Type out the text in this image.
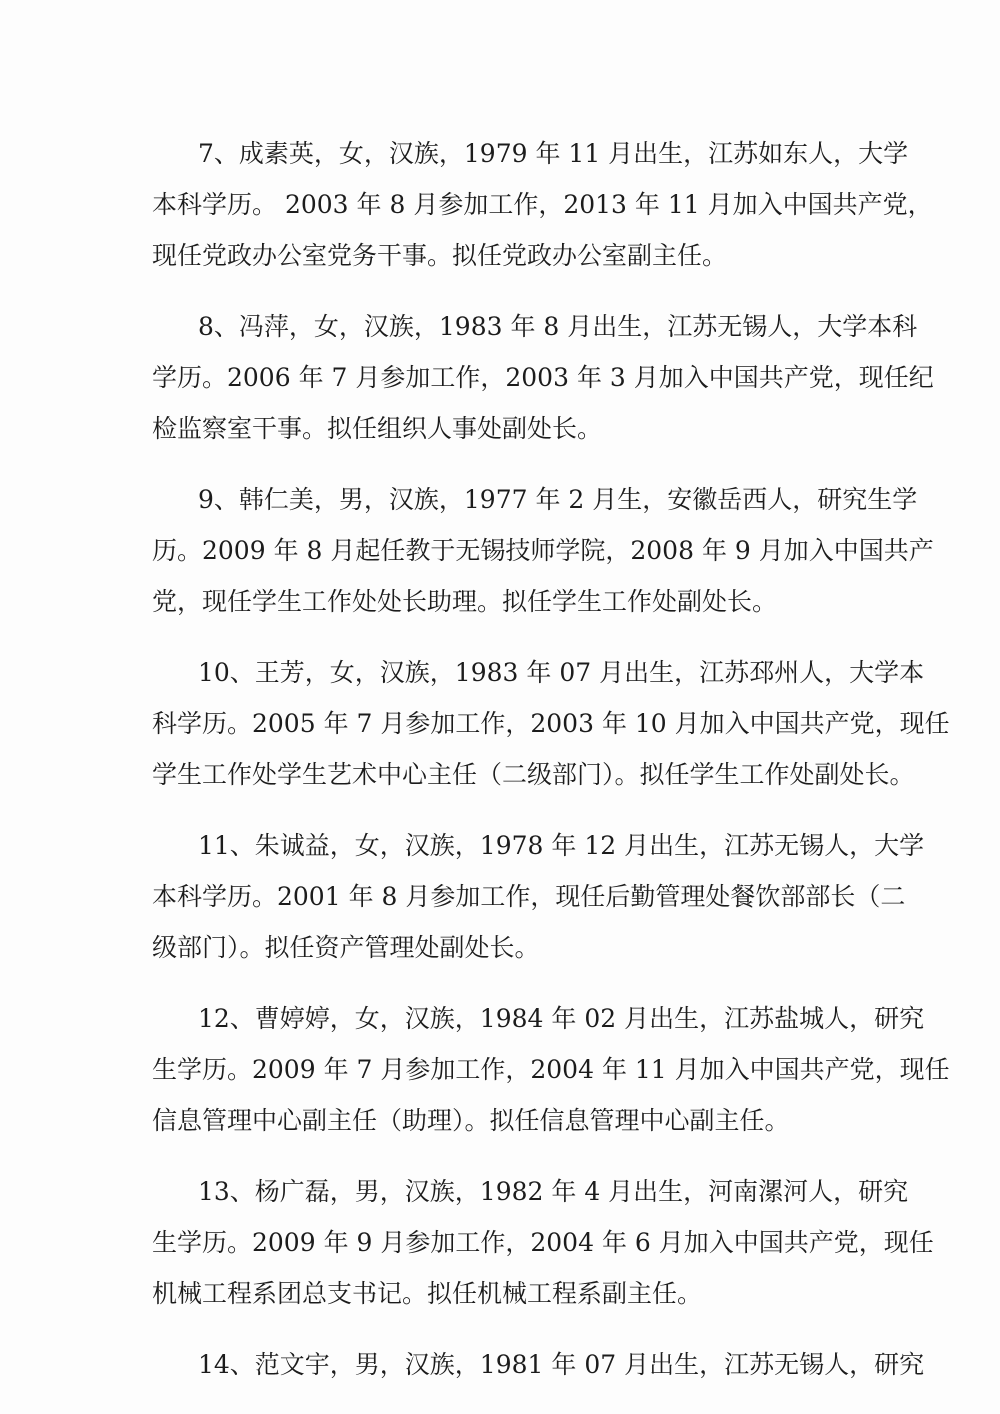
7、成素英，女，汉族，1979 年 11 月出生，江苏如东人，大学
本科学历。 2003 年 8 月参加工作，2013 年 11 月加入中国共产党，
现任党政办公室党务干事。拟任党政办公室副主任。
8、冯萍，女，汉族，1983 年 8 月出生，江苏无锡人，大学本科
学历。2006 年 7 月参加工作，2003 年 3 月加入中国共产党，现任纪
检监察室干事。拟任组织人事处副处长。
9、韩仁美，男，汉族，1977 年 2 月生，安徽岳西人，研究生学
历。2009 年 8 月起任教于无锡技师学院，2008 年 9 月加入中国共产
党，现任学生工作处处长助理。拟任学生工作处副处长。
10、王芳，女，汉族，1983 年 07 月出生，江苏邳州人，大学本
科学历。2005 年 7 月参加工作，2003 年 10 月加入中国共产党，现任
学生工作处学生艺术中心主任（二级部门）。拟任学生工作处副处长。
11、朱诚益，女，汉族，1978 年 12 月出生，江苏无锡人，大学
本科学历。2001 年 8 月参加工作，现任后勤管理处餐饮部部长（二
级部门）。拟任资产管理处副处长。
12、曹婷婷，女，汉族，1984 年 02 月出生，江苏盐城人，研究
生学历。2009 年 7 月参加工作，2004 年 11 月加入中国共产党，现任
信息管理中心副主任（助理）。拟任信息管理中心副主任。
13、杨广磊，男，汉族，1982 年 4 月出生，河南漯河人，研究
生学历。2009 年 9 月参加工作，2004 年 6 月加入中国共产党，现任
机械工程系团总支书记。拟任机械工程系副主任。
14、范文宇，男，汉族，1981 年 07 月出生，江苏无锡人，研究
